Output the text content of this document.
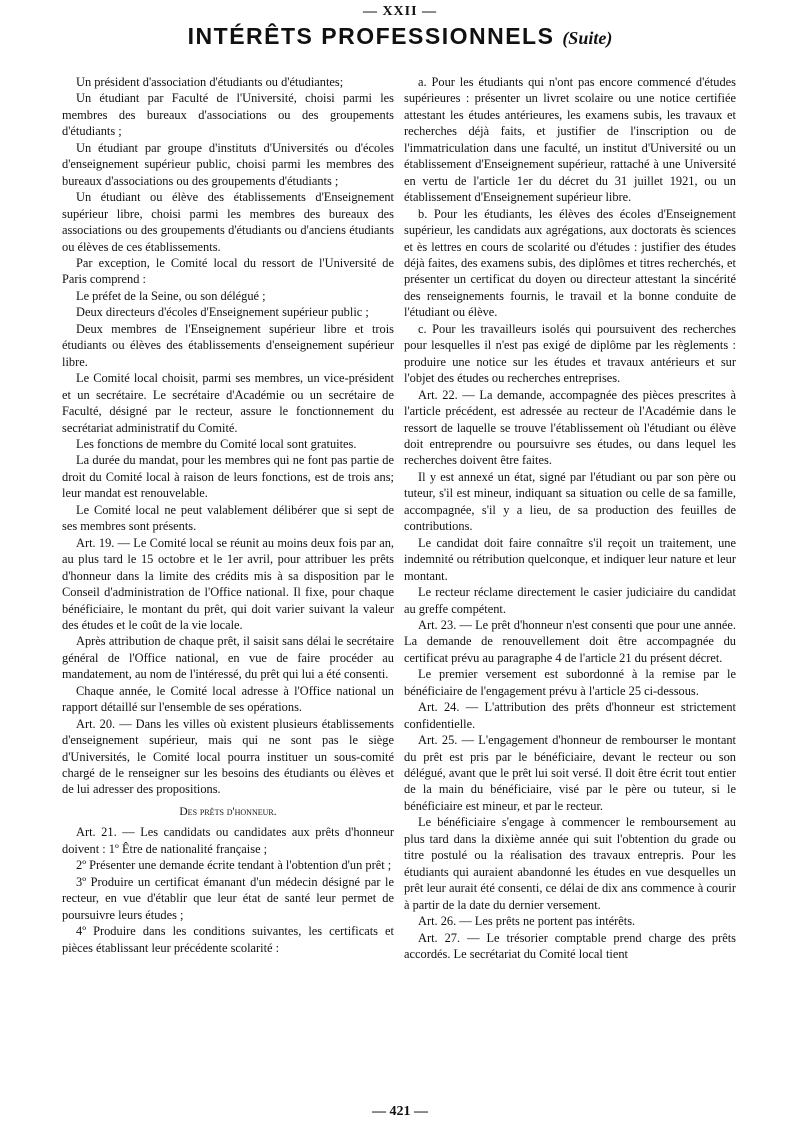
— XXII —
INTÉRÊTS PROFESSIONNELS (Suite)

Un président d'association d'étudiants ou d'étudiantes;

Un étudiant par Faculté de l'Université, choisi parmi les membres des bureaux d'associations ou des groupements d'étudiants ;

Un étudiant par groupe d'instituts d'Universités ou d'écoles d'enseignement supérieur public, choisi parmi les membres des bureaux d'associations ou des groupements d'étudiants ;

Un étudiant ou élève des établissements d'Enseignement supérieur libre, choisi parmi les membres des bureaux des associations ou des groupements d'étudiants ou d'anciens étudiants ou élèves de ces établissements.

Par exception, le Comité local du ressort de l'Université de Paris comprend :

Le préfet de la Seine, ou son délégué ;

Deux directeurs d'écoles d'Enseignement supérieur public ;

Deux membres de l'Enseignement supérieur libre et trois étudiants ou élèves des établissements d'enseignement supérieur libre.

Le Comité local choisit, parmi ses membres, un vice-président et un secrétaire. Le secrétaire d'Académie ou un secrétaire de Faculté, désigné par le recteur, assure le fonctionnement du secrétariat administratif du Comité.

Les fonctions de membre du Comité local sont gratuites.

La durée du mandat, pour les membres qui ne font pas partie de droit du Comité local à raison de leurs fonctions, est de trois ans; leur mandat est renouvelable.

Le Comité local ne peut valablement délibérer que si sept de ses membres sont présents.

Art. 19. — Le Comité local se réunit au moins deux fois par an, au plus tard le 15 octobre et le 1er avril, pour attribuer les prêts d'honneur dans la limite des crédits mis à sa disposition par le Conseil d'administration de l'Office national. Il fixe, pour chaque bénéficiaire, le montant du prêt, qui doit varier suivant la valeur des études et le coût de la vie locale.

Après attribution de chaque prêt, il saisit sans délai le secrétaire général de l'Office national, en vue de faire procéder au mandatement, au nom de l'intéressé, du prêt qui lui a été consenti.

Chaque année, le Comité local adresse à l'Office national un rapport détaillé sur l'ensemble de ses opérations.

Art. 20. — Dans les villes où existent plusieurs établissements d'enseignement supérieur, mais qui ne sont pas le siège d'Universités, le Comité local pourra instituer un sous-comité chargé de le renseigner sur les besoins des étudiants ou élèves et de lui adresser des propositions.

Des prêts d'honneur.

Art. 21. — Les candidats ou candidates aux prêts d'honneur doivent : 1º Être de nationalité française ;

2º Présenter une demande écrite tendant à l'obtention d'un prêt ;

3º Produire un certificat émanant d'un médecin désigné par le recteur, en vue d'établir que leur état de santé leur permet de poursuivre leurs études ;

4º Produire dans les conditions suivantes, les certificats et pièces établissant leur précédente scolarité :

a. Pour les étudiants qui n'ont pas encore commencé d'études supérieures : présenter un livret scolaire ou une notice certifiée attestant les études antérieures, les examens subis, les travaux et recherches déjà faits, et justifier de l'inscription ou de l'immatriculation dans une faculté, un institut d'Université ou un établissement d'Enseignement supérieur, rattaché à une Université en vertu de l'article 1er du décret du 31 juillet 1921, ou un établissement d'Enseignement supérieur libre.

b. Pour les étudiants, les élèves des écoles d'Enseignement supérieur, les candidats aux agrégations, aux doctorats ès sciences et ès lettres en cours de scolarité ou d'études : justifier des études déjà faites, des examens subis, des diplômes et titres recherchés, et présenter un certificat du doyen ou directeur attestant la sincérité des renseignements fournis, le travail et la bonne conduite de l'étudiant ou élève.

c. Pour les travailleurs isolés qui poursuivent des recherches pour lesquelles il n'est pas exigé de diplôme par les règlements : produire une notice sur les études et travaux antérieurs et sur l'objet des études ou recherches entreprises.

Art. 22. — La demande, accompagnée des pièces prescrites à l'article précédent, est adressée au recteur de l'Académie dans le ressort de laquelle se trouve l'établissement où l'étudiant ou élève doit entreprendre ou poursuivre ses études, ou dans lequel les recherches doivent être faites.

Il y est annexé un état, signé par l'étudiant ou par son père ou tuteur, s'il est mineur, indiquant sa situation ou celle de sa famille, accompagnée, s'il y a lieu, de sa production des feuilles de contributions.

Le candidat doit faire connaître s'il reçoit un traitement, une indemnité ou rétribution quelconque, et indiquer leur nature et leur montant.

Le recteur réclame directement le casier judiciaire du candidat au greffe compétent.

Art. 23. — Le prêt d'honneur n'est consenti que pour une année. La demande de renouvellement doit être accompagnée du certificat prévu au paragraphe 4 de l'article 21 du présent décret.

Le premier versement est subordonné à la remise par le bénéficiaire de l'engagement prévu à l'article 25 ci-dessous.

Art. 24. — L'attribution des prêts d'honneur est strictement confidentielle.

Art. 25. — L'engagement d'honneur de rembourser le montant du prêt est pris par le bénéficiaire, devant le recteur ou son délégué, avant que le prêt lui soit versé. Il doit être écrit tout entier de la main du bénéficiaire, visé par le père ou tuteur, si le bénéficiaire est mineur, et par le recteur.

Le bénéficiaire s'engage à commencer le remboursement au plus tard dans la dixième année qui suit l'obtention du grade ou titre postulé ou la réalisation des travaux entrepris. Pour les étudiants qui auraient abandonné les études en vue desquelles un prêt leur aurait été consenti, ce délai de dix ans commence à courir à partir de la date du dernier versement.

Art. 26. — Les prêts ne portent pas intérêts.

Art. 27. — Le trésorier comptable prend charge des prêts accordés. Le secrétariat du Comité local tient

— 421 —
